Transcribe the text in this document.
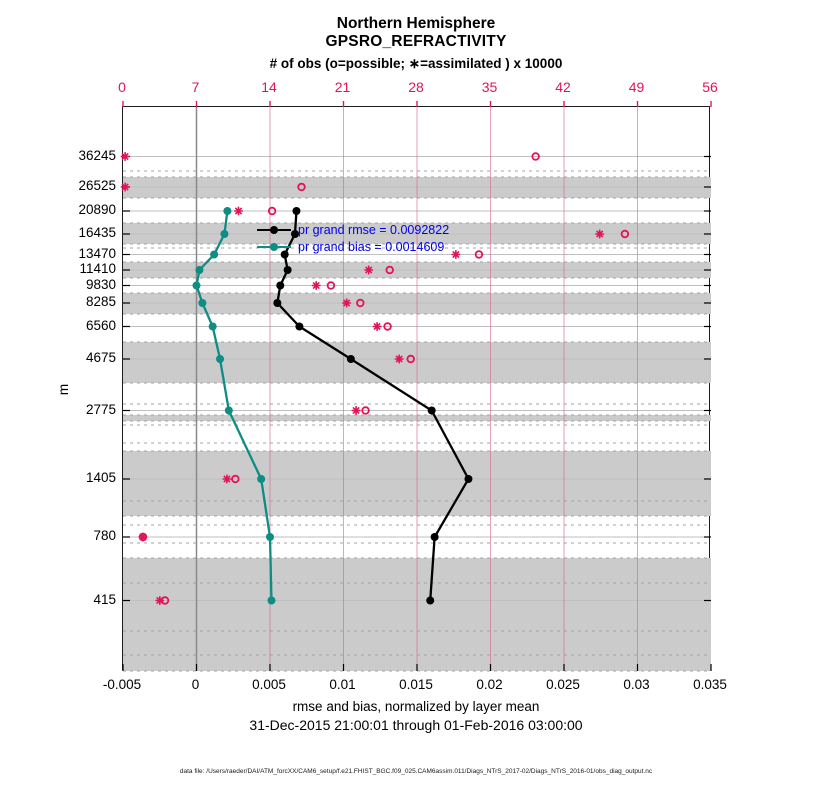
Northern Hemisphere
GPSRO_REFRACTIVITY
# of obs (o=possible; ∗=assimilated ) x 10000
pr grand rmse = 0.0092822
pr grand bias = 0.0014609
m
rmse and bias, normalized by layer mean
31-Dec-2015 21:00:01 through 01-Feb-2016 03:00:00
data file: /Users/raeder/DAI/ATM_forcXX/CAM6_setup/f.e21.FHIST_BGC.f09_025.CAM6assim.011/Diags_NTrS_2017-02/Diags_NTrS_2016-01/obs_diag_output.nc
0	7	14	21	28	35	42	49	56
-0.005	0	0.005	0.01	0.015	0.02	0.025	0.03	0.035
36245
26525
20890
16435
13470
11410
9830
8285
6560
4675
2775
1405
780
415
